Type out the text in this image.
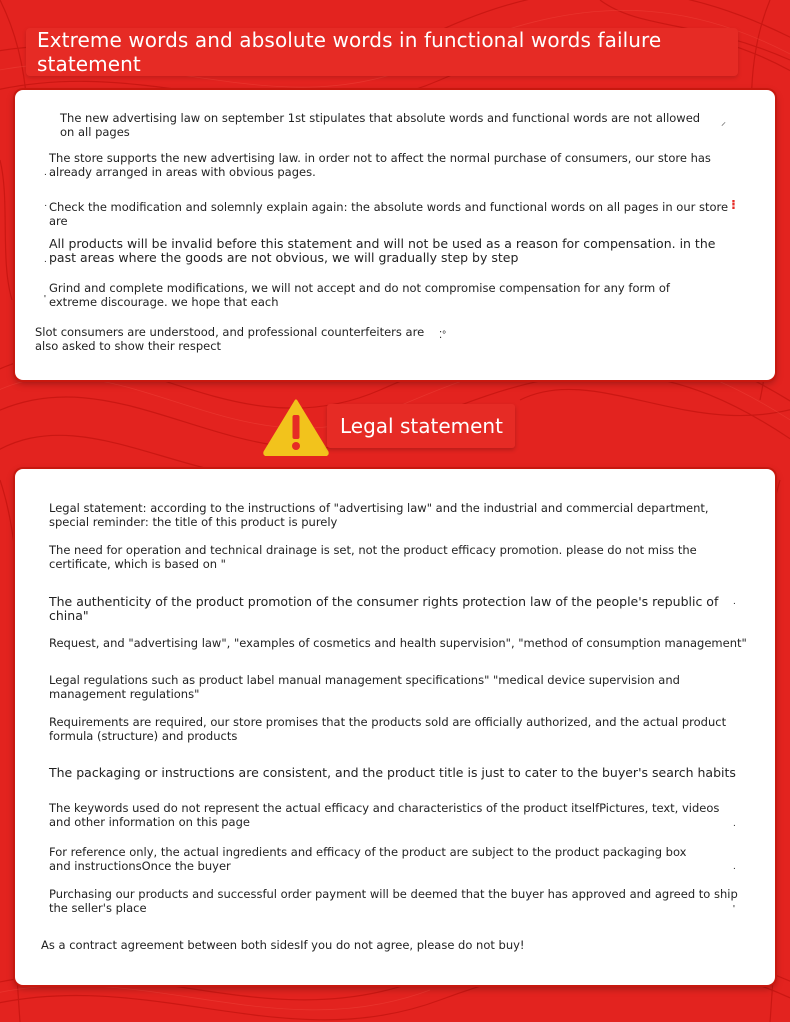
Extreme words and absolute words in functional words failure statement

The new advertising law on september 1st stipulates that absolute words and functional words are not allowed on all pages

⸝

The store supports the new advertising law. in order not to affect the normal purchase of consumers, our store has already arranged in areas with obvious pages.

.

Check the modification and solemnly explain again: the absolute words and functional words on all pages in our store are

·	⁝

All products will be invalid before this statement and will not be used as a reason for compensation. in the past areas where the goods are not obvious, we will gradually step by step

.

Grind and complete modifications, we will not accept and do not compromise compensation for any form of extreme discourage. we hope that each

'

Slot consumers are understood, and professional counterfeiters are also asked to show their respect

⁚°
Legal statement

Legal statement: according to the instructions of "advertising law" and the industrial and commercial department, special reminder: the title of this product is purely

The need for operation and technical drainage is set, not the product efficacy promotion. please do not miss the certificate, which is based on "

The authenticity of the product promotion of the consumer rights protection law of the people's republic of china"

.

Request, and "advertising law", "examples of cosmetics and health supervision", "method of consumption management"

Legal regulations such as product label manual management specifications" "medical device supervision and management regulations"

Requirements are required, our store promises that the products sold are officially authorized, and the actual product formula (structure) and products

The packaging or instructions are consistent, and the product title is just to cater to the buyer's search habits

The keywords used do not represent the actual efficacy and characteristics of the product itselfPictures, text, videos and other information on this page	.

For reference only, the actual ingredients and efficacy of the product are subject to the product packaging box and instructionsOnce the buyer	.

Purchasing our products and successful order payment will be deemed that the buyer has approved and agreed to ship the seller's place	'

As a contract agreement between both sidesIf you do not agree, please do not buy!
